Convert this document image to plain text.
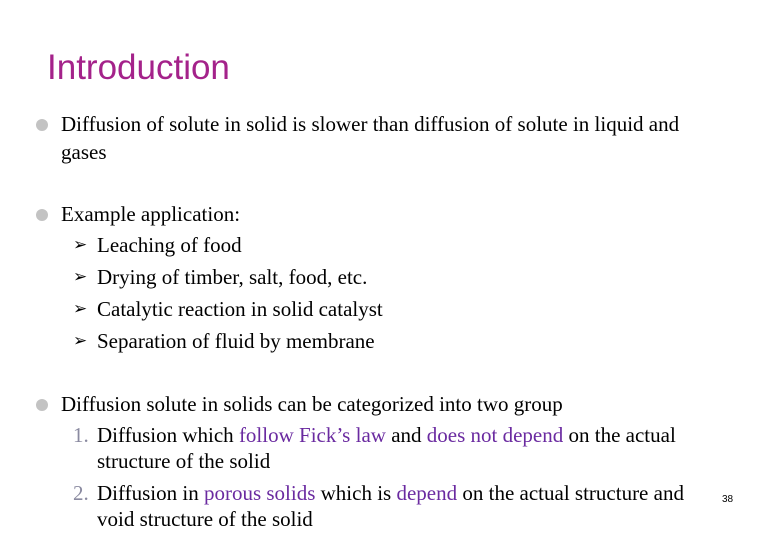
Introduction
Diffusion of solute in solid is slower than diffusion of solute in liquid and gases
Example application:
➢ Leaching of food
➢ Drying of timber, salt, food, etc.
➢ Catalytic reaction in solid catalyst
➢ Separation of fluid by membrane
Diffusion solute in solids can be categorized into two group
1. Diffusion which follow Fick’s law and does not depend on the actual structure of the solid
2. Diffusion in porous solids which is depend on the actual structure and void structure of the solid
38
